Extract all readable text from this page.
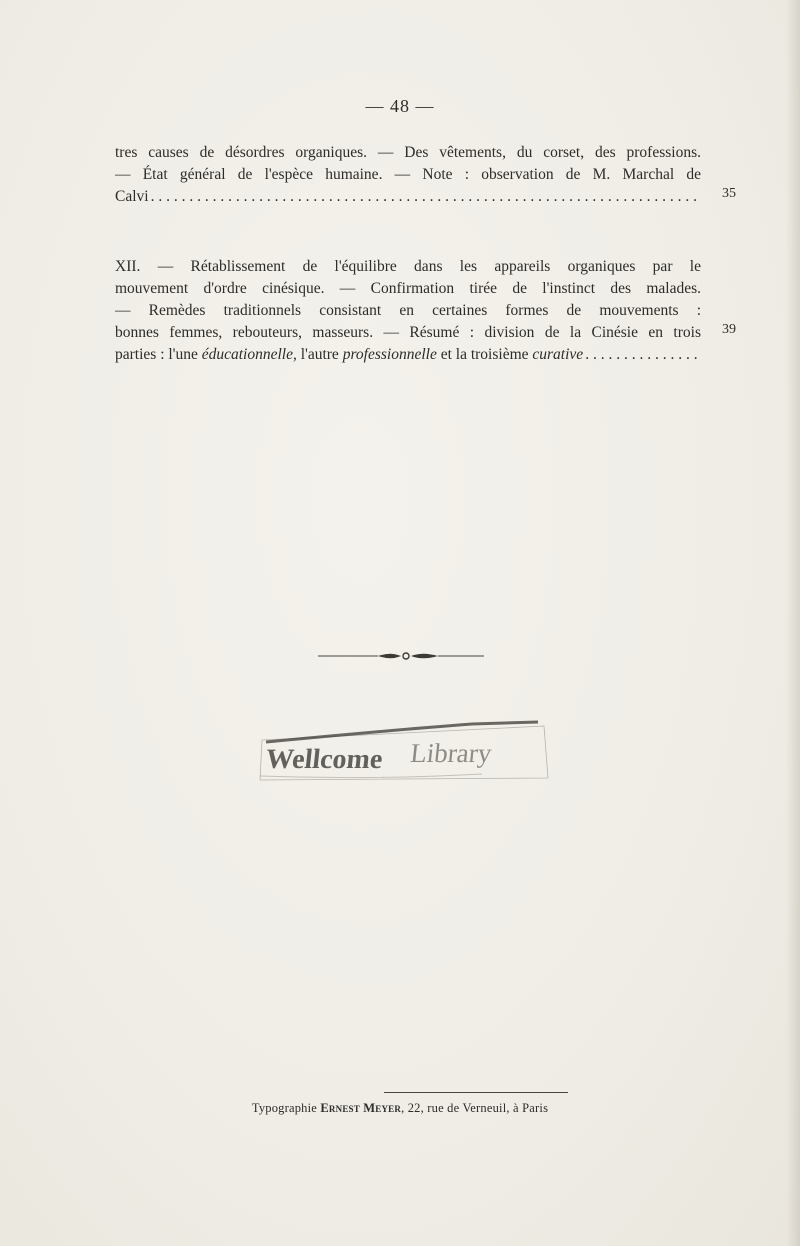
— 48 —
tres causes de désordres organiques. — Des vêtements, du corset, des professions.
— État général de l'espèce humaine. — Note : observation de M. Marchal de
Calvi
. . .	35
XII. — Rétablissement de l'équilibre dans les appareils organiques par le
mouvement d'ordre cinésique. — Confirmation tirée de l'instinct des malades.
— Remèdes traditionnels consistant en certaines formes de mouvements :
bonnes femmes, rebouteurs, masseurs. — Résumé : division de la Cinésie en trois
parties : l'une éducationnelle, l'autre professionnelle et la troisième curative
. . .
39
Wellcome Library
Typographie Ernest Meyer, 22, rue de Verneuil, à Paris
